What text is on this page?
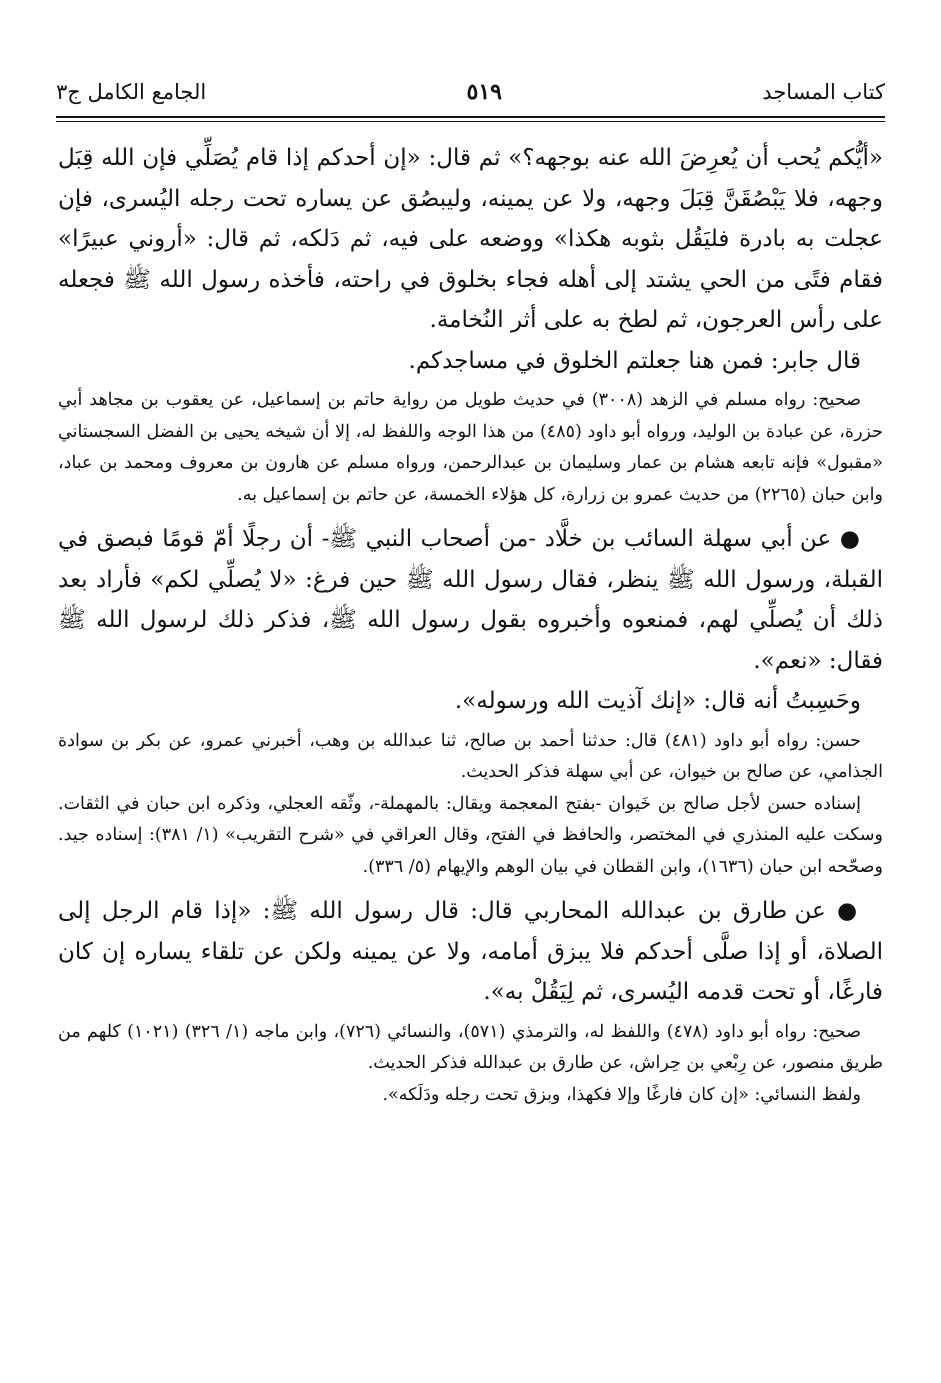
كتاب المساجد
٥١٩
الجامع الكامل ج٣

«أيُّكم يُحب أن يُعرِضَ الله عنه بوجهه؟» ثم قال: «إن أحدكم إذا قام يُصَلِّي فإن الله قِبَل وجهه، فلا يَبْصُقَنَّ قِبَلَ وجهه، ولا عن يمينه، وليبصُق عن يساره تحت رجله اليُسرى، فإن عجلت به بادرة فليَقُل بثوبه هكذا» ووضعه على فيه، ثم دَلكه، ثم قال: «أروني عبيرًا» فقام فتًى من الحي يشتد إلى أهله فجاء بخلوق في راحته، فأخذه رسول الله ﷺ فجعله على رأس العرجون، ثم لطخ به على أثر النُخامة.

قال جابر: فمن هنا جعلتم الخلوق في مساجدكم.

صحيح: رواه مسلم في الزهد (٣٠٠٨) في حديث طويل من رواية حاتم بن إسماعيل، عن يعقوب بن مجاهد أبي حزرة، عن عبادة بن الوليد، ورواه أبو داود (٤٨٥) من هذا الوجه واللفظ له، إلا أن شيخه يحيى بن الفضل السجستاني «مقبول» فإنه تابعه هشام بن عمار وسليمان بن عبدالرحمن، ورواه مسلم عن هارون بن معروف ومحمد بن عباد، وابن حبان (٢٢٦٥) من حديث عمرو بن زرارة، كل هؤلاء الخمسة، عن حاتم بن إسماعيل به.

● عن أبي سهلة السائب بن خلَّاد -من أصحاب النبي ﷺ- أن رجلًا أمّ قومًا فبصق في القبلة، ورسول الله ﷺ ينظر، فقال رسول الله ﷺ حين فرغ: «لا يُصلِّي لكم» فأراد بعد ذلك أن يُصلِّي لهم، فمنعوه وأخبروه بقول رسول الله ﷺ، فذكر ذلك لرسول الله ﷺ فقال: «نعم».

وحَسِبتُ أنه قال: «إنك آذيت الله ورسوله».

حسن: رواه أبو داود (٤٨١) قال: حدثنا أحمد بن صالح، ثنا عبدالله بن وهب، أخبرني عمرو، عن بكر بن سوادة الجذامي، عن صالح بن خيوان، عن أبي سهلة فذكر الحديث.

إسناده حسن لأجل صالح بن خَيوان -بفتح المعجمة ويقال: بالمهملة-، وثّقه العجلي، وذكره ابن حبان في الثقات. وسكت عليه المنذري في المختصر، والحافظ في الفتح، وقال العراقي في «شرح التقريب» (١/ ٣٨١): إسناده جيد. وصحّحه ابن حبان (١٦٣٦)، وابن القطان في بيان الوهم والإيهام (٥/ ٣٣٦).

● عن طارق بن عبدالله المحاربي قال: قال رسول الله ﷺ: «إذا قام الرجل إلى الصلاة، أو إذا صلَّى أحدكم فلا يبزق أمامه، ولا عن يمينه ولكن عن تلقاء يساره إن كان فارغًا، أو تحت قدمه اليُسرى، ثم لِيَقُلْ به».

صحيح: رواه أبو داود (٤٧٨) واللفظ له، والترمذي (٥٧١)، والنسائي (٧٢٦)، وابن ماجه (١/ ٣٢٦) (١٠٢١) كلهم من طريق منصور، عن رِبْعي بن حِراش، عن طارق بن عبدالله فذكر الحديث.

ولفظ النسائي: «إن كان فارغًا وإلا فكهذا، وبزق تحت رجله ودَلَكه».
